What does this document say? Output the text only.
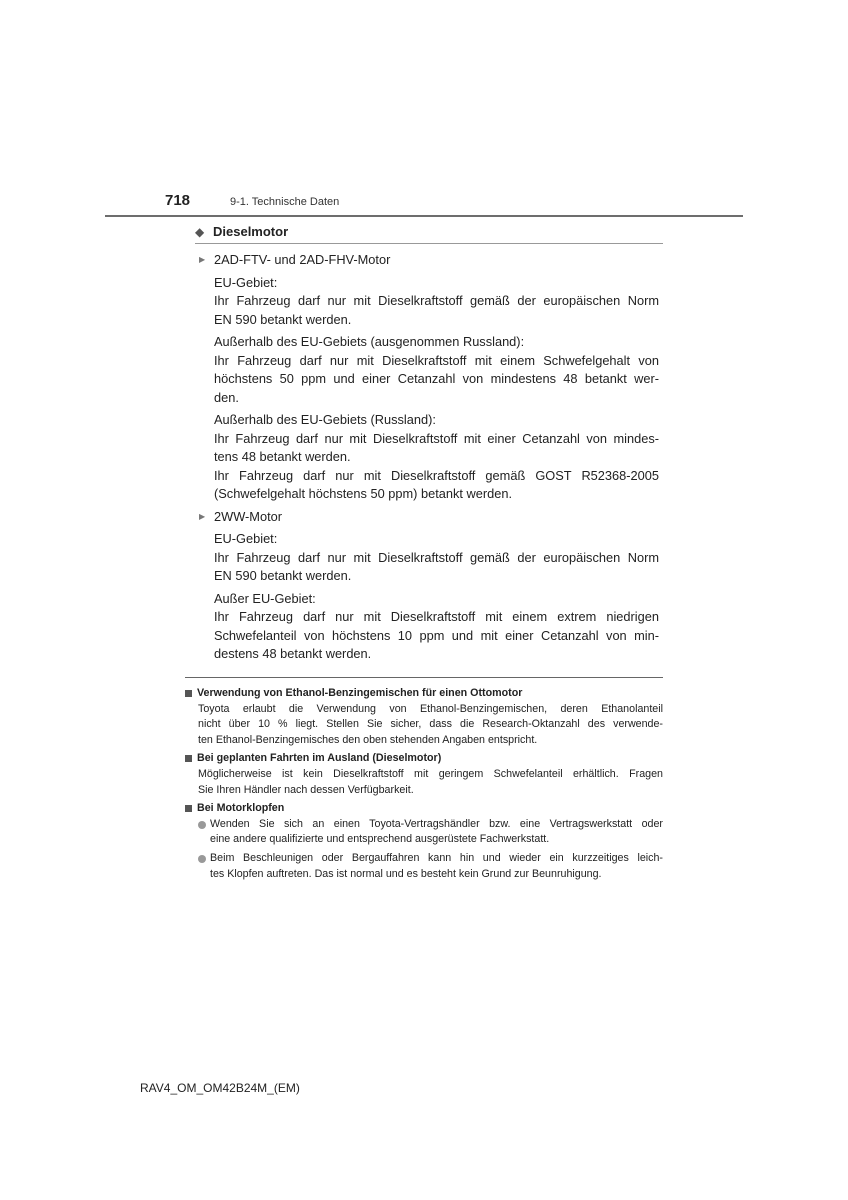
718	9-1. Technische Daten
◆ Dieselmotor
▶ 2AD-FTV- und 2AD-FHV-Motor
EU-Gebiet:
Ihr Fahrzeug darf nur mit Dieselkraftstoff gemäß der europäischen Norm
EN 590 betankt werden.
Außerhalb des EU-Gebiets (ausgenommen Russland):
Ihr Fahrzeug darf nur mit Dieselkraftstoff mit einem Schwefelgehalt von
höchstens 50 ppm und einer Cetanzahl von mindestens 48 betankt wer-
den.
Außerhalb des EU-Gebiets (Russland):
Ihr Fahrzeug darf nur mit Dieselkraftstoff mit einer Cetanzahl von mindes-
tens 48 betankt werden.
Ihr Fahrzeug darf nur mit Dieselkraftstoff gemäß GOST R52368-2005
(Schwefelgehalt höchstens 50 ppm) betankt werden.
▶ 2WW-Motor
EU-Gebiet:
Ihr Fahrzeug darf nur mit Dieselkraftstoff gemäß der europäischen Norm
EN 590 betankt werden.
Außer EU-Gebiet:
Ihr Fahrzeug darf nur mit Dieselkraftstoff mit einem extrem niedrigen
Schwefelanteil von höchstens 10 ppm und mit einer Cetanzahl von min-
destens 48 betankt werden.
Verwendung von Ethanol-Benzingemischen für einen Ottomotor
Toyota erlaubt die Verwendung von Ethanol-Benzingemischen, deren Ethanolanteil
nicht über 10 % liegt. Stellen Sie sicher, dass die Research-Oktanzahl des verwende-
ten Ethanol-Benzingemisches den oben stehenden Angaben entspricht.
Bei geplanten Fahrten im Ausland (Dieselmotor)
Möglicherweise ist kein Dieselkraftstoff mit geringem Schwefelanteil erhältlich. Fragen
Sie Ihren Händler nach dessen Verfügbarkeit.
Bei Motorklopfen
Wenden Sie sich an einen Toyota-Vertragshändler bzw. eine Vertragswerkstatt oder
eine andere qualifizierte und entsprechend ausgerüstete Fachwerkstatt.
Beim Beschleunigen oder Bergauffahren kann hin und wieder ein kurzzeitiges leich-
tes Klopfen auftreten. Das ist normal und es besteht kein Grund zur Beunruhigung.
RAV4_OM_OM42B24M_(EM)
